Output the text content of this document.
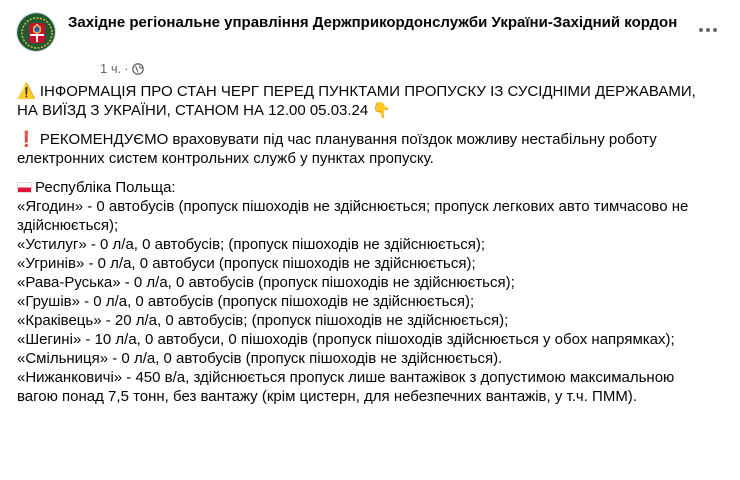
Західне регіональне управління Держприкордонслужби України-Західний кордон
1 ч. ·

⚠️ ІНФОРМАЦІЯ ПРО СТАН ЧЕРГ ПЕРЕД ПУНКТАМИ ПРОПУСКУ ІЗ СУСІДНІМИ ДЕРЖАВАМИ, НА ВИЇЗД З УКРАЇНИ, СТАНОМ НА 12.00 05.03.24 👇

❗ РЕКОМЕНДУЄМО враховувати під час планування поїздок можливу нестабільну роботу електронних систем контрольних служб у пунктах пропуску.

Республіка Польща:

«Ягодин» - 0 автобусів (пропуск пішоходів не здійснюється; пропуск легкових авто тимчасово не здійснюється);

«Устилуг» - 0 л/а, 0 автобусів; (пропуск пішоходів не здійснюється);

«Угринів» - 0 л/а, 0 автобуси (пропуск пішоходів не здійснюється);

«Рава-Руська» - 0 л/а, 0 автобусів (пропуск пішоходів не здійснюється);

«Грушів» - 0 л/а, 0 автобусів (пропуск пішоходів не здійснюється);

«Краківець» - 20 л/а, 0 автобусів; (пропуск пішоходів не здійснюється);

«Шегині» - 10 л/а, 0 автобуси, 0 пішоходів (пропуск пішоходів здійснюється у обох напрямках);

«Смільниця» - 0 л/а, 0 автобусів (пропуск пішоходів не здійснюється).

«Нижанковичі» - 450 в/а, здійснюється пропуск лише вантажівок з допустимою максимальною вагою понад 7,5 тонн, без вантажу (крім цистерн, для небезпечних вантажів, у т.ч. ПММ).
